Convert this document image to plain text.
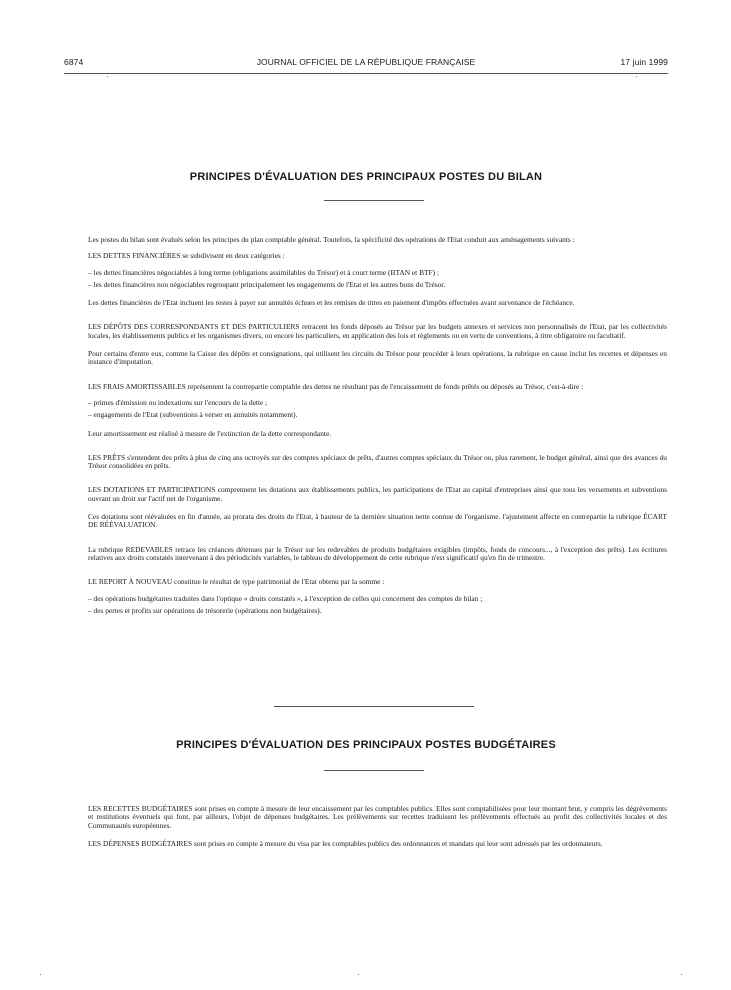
6874	JOURNAL OFFICIEL DE LA RÉPUBLIQUE FRANÇAISE	17 juin 1999
PRINCIPES D'ÉVALUATION DES PRINCIPAUX POSTES DU BILAN

Les postes du bilan sont évalués selon les principes du plan comptable général. Toutefois, la spécificité des opérations de l'Etat conduit aux aménagements suivants :

LES DETTES FINANCIÈRES se subdivisent en deux catégories :

– les dettes financières négociables à long terme (obligations assimilables du Trésor) et à court terme (BTAN et BTF) ;

– les dettes financières non négociables regroupant principalement les engagements de l'Etat et les autres bons du Trésor.

Les dettes financières de l'Etat incluent les restes à payer sur annuités échues et les remises de titres en paiement d'impôts effectuées avant survenance de l'échéance.

LES DÉPÔTS DES CORRESPONDANTS ET DES PARTICULIERS retracent les fonds déposés au Trésor par les budgets annexes et services non personnalisés de l'Etat, par les collectivités locales, les établissements publics et les organismes divers, ou encore les particuliers, en application des lois et règlements ou en vertu de conventions, à titre obligatoire ou facultatif.

Pour certains d'entre eux, comme la Caisse des dépôts et consignations, qui utilisent les circuits du Trésor pour procéder à leurs opérations, la rubrique en cause inclut les recettes et dépenses en instance d'imputation.

LES FRAIS AMORTISSABLES représentent la contrepartie comptable des dettes ne résultant pas de l'encaissement de fonds prêtés ou déposés au Trésor, c'est-à-dire :

– primes d'émission ou indexations sur l'encours de la dette ;

– engagements de l'Etat (subventions à verser en annuités notamment).

Leur amortissement est réalisé à mesure de l'extinction de la dette correspondante.

LES PRÊTS s'entendent des prêts à plus de cinq ans octroyés sur des comptes spéciaux de prêts, d'autres comptes spéciaux du Trésor ou, plus rarement, le budget général, ainsi que des avances du Trésor consolidées en prêts.

LES DOTATIONS ET PARTICIPATIONS comprennent les dotations aux établissements publics, les participations de l'Etat au capital d'entreprises ainsi que tous les versements et subventions ouvrant un droit sur l'actif net de l'organisme.

Ces dotations sont réévaluées en fin d'année, au prorata des droits de l'Etat, à hauteur de la dernière situation nette connue de l'organisme. l'ajustement affecte en contrepartie la rubrique ÉCART DE RÉÉVALUATION.

La rubrique REDEVABLES retrace les créances détenues par le Trésor sur les redevables de produits budgétaires exigibles (impôts, fonds de concours..., à l'exception des prêts). Les écritures relatives aux droits constatés intervenant à des périodicités variables, le tableau de développement de cette rubrique n'est significatif qu'en fin de trimestre.

LE REPORT À NOUVEAU constitue le résultat de type patrimonial de l'Etat obtenu par la somme :

– des opérations budgétaires traduites dans l'optique « droits constatés », à l'exception de celles qui concernent des comptes de bilan ;

– des pertes et profits sur opérations de trésorerie (opérations non budgétaires).

PRINCIPES D'ÉVALUATION DES PRINCIPAUX POSTES BUDGÉTAIRES

LES RECETTES BUDGÉTAIRES sont prises en compte à mesure de leur encaissement par les comptables publics. Elles sont comptabilisées pour leur montant brut, y compris les dégrèvements et restitutions éventuels qui font, par ailleurs, l'objet de dépenses budgétaires. Les prélèvements sur recettes traduisent les prélèvements effectués au profit des collectivités locales et des Communautés européennes.

LES DÉPENSES BUDGÉTAIRES sont prises en compte à mesure du visa par les comptables publics des ordonnances et mandats qui leur sont adressés par les ordonnateurs.
